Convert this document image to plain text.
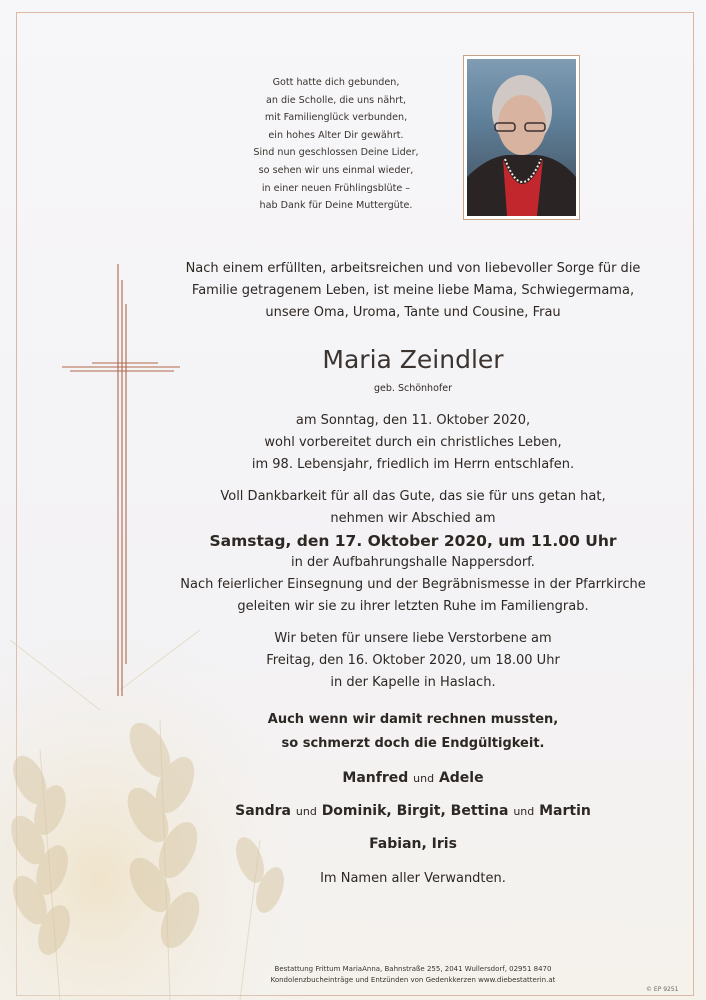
Gott hatte dich gebunden,
an die Scholle, die uns nährt,
mit Familienglück verbunden,
ein hohes Alter Dir gewährt.
Sind nun geschlossen Deine Lider,
so sehen wir uns einmal wieder,
in einer neuen Frühlingsblüte –
hab Dank für Deine Muttergüte.
Nach einem erfüllten, arbeitsreichen und von liebevoller Sorge für die
Familie getragenem Leben, ist meine liebe Mama, Schwiegermama,
unsere Oma, Uroma, Tante und Cousine, Frau
Maria Zeindler
geb. Schönhofer
am Sonntag, den 11. Oktober 2020,
wohl vorbereitet durch ein christliches Leben,
im 98. Lebensjahr, friedlich im Herrn entschlafen.
Voll Dankbarkeit für all das Gute, das sie für uns getan hat,
nehmen wir Abschied am
Samstag, den 17. Oktober 2020, um 11.00 Uhr
in der Aufbahrungshalle Nappersdorf.
Nach feierlicher Einsegnung und der Begräbnismesse in der Pfarrkirche
geleiten wir sie zu ihrer letzten Ruhe im Familiengrab.
Wir beten für unsere liebe Verstorbene am
Freitag, den 16. Oktober 2020, um 18.00 Uhr
in der Kapelle in Haslach.
Auch wenn wir damit rechnen mussten,
so schmerzt doch die Endgültigkeit.
Manfred und Adele
Sandra und Dominik, Birgit, Bettina und Martin
Fabian, Iris
Im Namen aller Verwandten.
Bestattung Frittum MariaAnna, Bahnstraße 255, 2041 Wullersdorf, 02951 8470
Kondolenzbucheinträge und Entzünden von Gedenkkerzen www.diebestatterin.at
© EP 9251
